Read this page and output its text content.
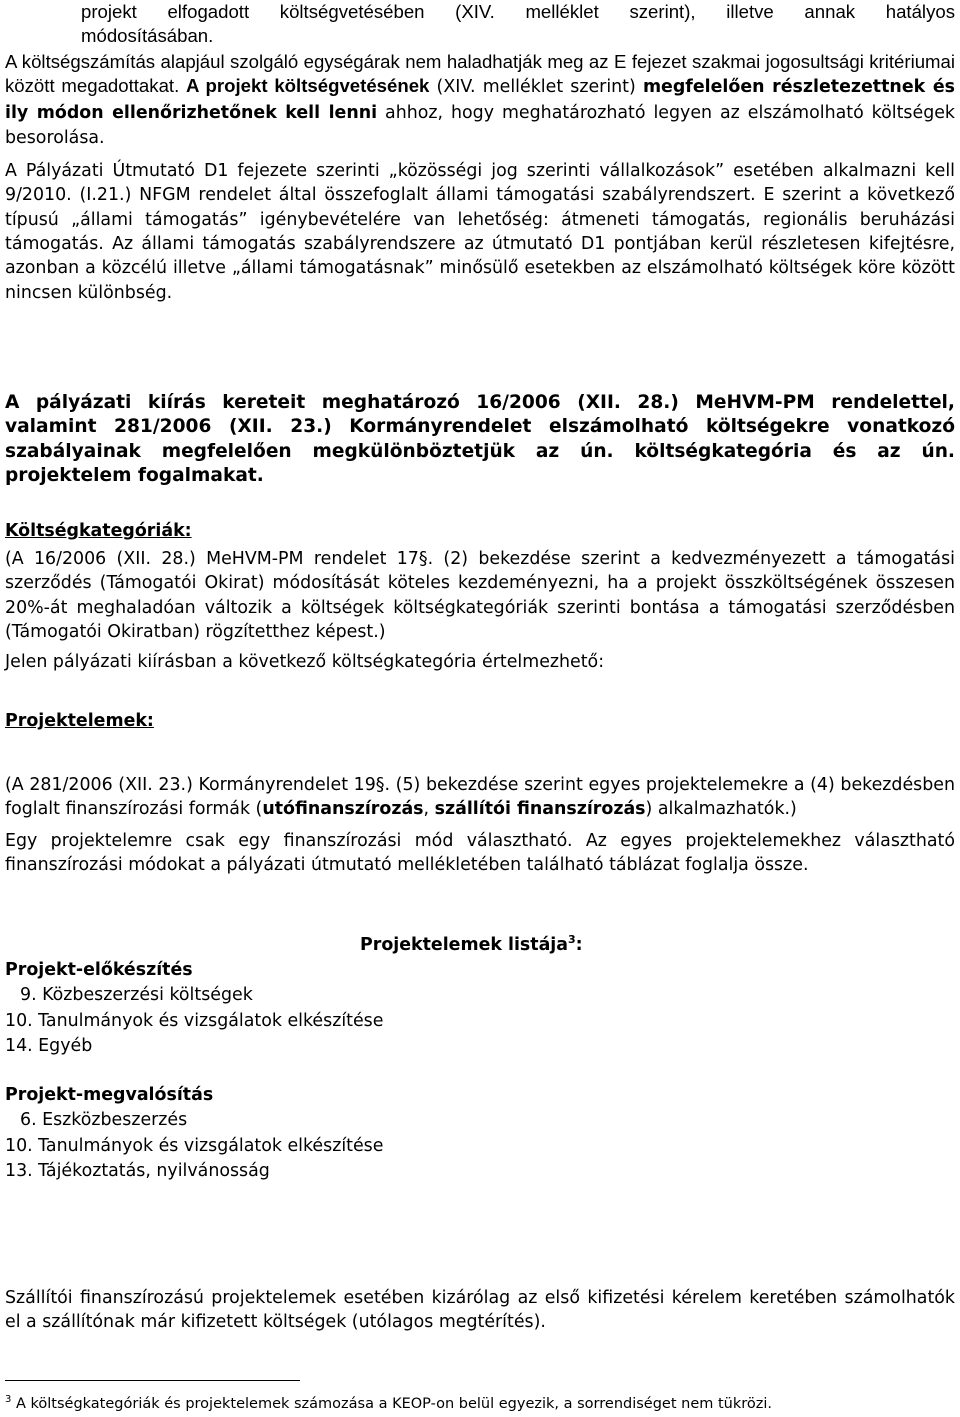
projekt elfogadott költségvetésében (XIV. melléklet szerint), illetve annak hatályos
módosításában.
A költségszámítás alapjául szolgáló egységárak nem haladhatják meg az E fejezet szakmai jogosultsági kritériumai között megadottakat. A projekt költségvetésének (XIV. melléklet szerint) megfelelően részletezettnek és ily módon ellenőrizhetőnek kell lenni ahhoz, hogy meghatározható legyen az elszámolható költségek besorolása.
A Pályázati Útmutató D1 fejezete szerinti „közösségi jog szerinti vállalkozások” esetében alkalmazni kell 9/2010. (I.21.) NFGM rendelet által összefoglalt állami támogatási szabályrendszert. E szerint a következő típusú „állami támogatás” igénybevételére van lehetőség: átmeneti támogatás, regionális beruházási támogatás. Az állami támogatás szabályrendszere az útmutató D1 pontjában kerül részletesen kifejtésre, azonban a közcélú illetve „állami támogatásnak” minősülő esetekben az elszámolható költségek köre között nincsen különbség.

A pályázati kiírás kereteit meghatározó 16/2006 (XII. 28.) MeHVM-PM rendelettel, valamint 281/2006 (XII. 23.) Kormányrendelet elszámolható költségekre vonatkozó szabályainak megfelelően megkülönböztetjük az ún. költségkategória és az ún. projektelem fogalmakat.

Költségkategóriák:

(A 16/2006 (XII. 28.) MeHVM-PM rendelet 17§. (2) bekezdése szerint a kedvezményezett a támogatási szerződés (Támogatói Okirat) módosítását köteles kezdeményezni, ha a projekt összköltségének összesen 20%-át meghaladóan változik a költségek költségkategóriák szerinti bontása a támogatási szerződésben (Támogatói Okiratban) rögzítetthez képest.)

Jelen pályázati kiírásban a következő költségkategória értelmezhető:

Projektelemek:

(A 281/2006 (XII. 23.) Kormányrendelet 19§. (5) bekezdése szerint egyes projektelemekre a (4) bekezdésben foglalt finanszírozási formák (utófinanszírozás, szállítói finanszírozás) alkalmazhatók.)

Egy projektelemre csak egy finanszírozási mód választható. Az egyes projektelemekhez választható finanszírozási módokat a pályázati útmutató mellékletében található táblázat foglalja össze.

Projektelemek listája$^3$:
Projekt-előkészítés
9. Közbeszerzési költségek
10. Tanulmányok és vizsgálatok elkészítése
14. Egyéb
Projekt-megvalósítás
6. Eszközbeszerzés
10. Tanulmányok és vizsgálatok elkészítése
13. Tájékoztatás, nyilvánosság

Szállítói finanszírozású projektelemek esetében kizárólag az első kifizetési kérelem keretében számolhatók el a szállítónak már kifizetett költségek (utólagos megtérítés).

$^3$ A költségkategóriák és projektelemek számozása a KEOP-on belül egyezik, a sorrendiséget nem tükrözi.
